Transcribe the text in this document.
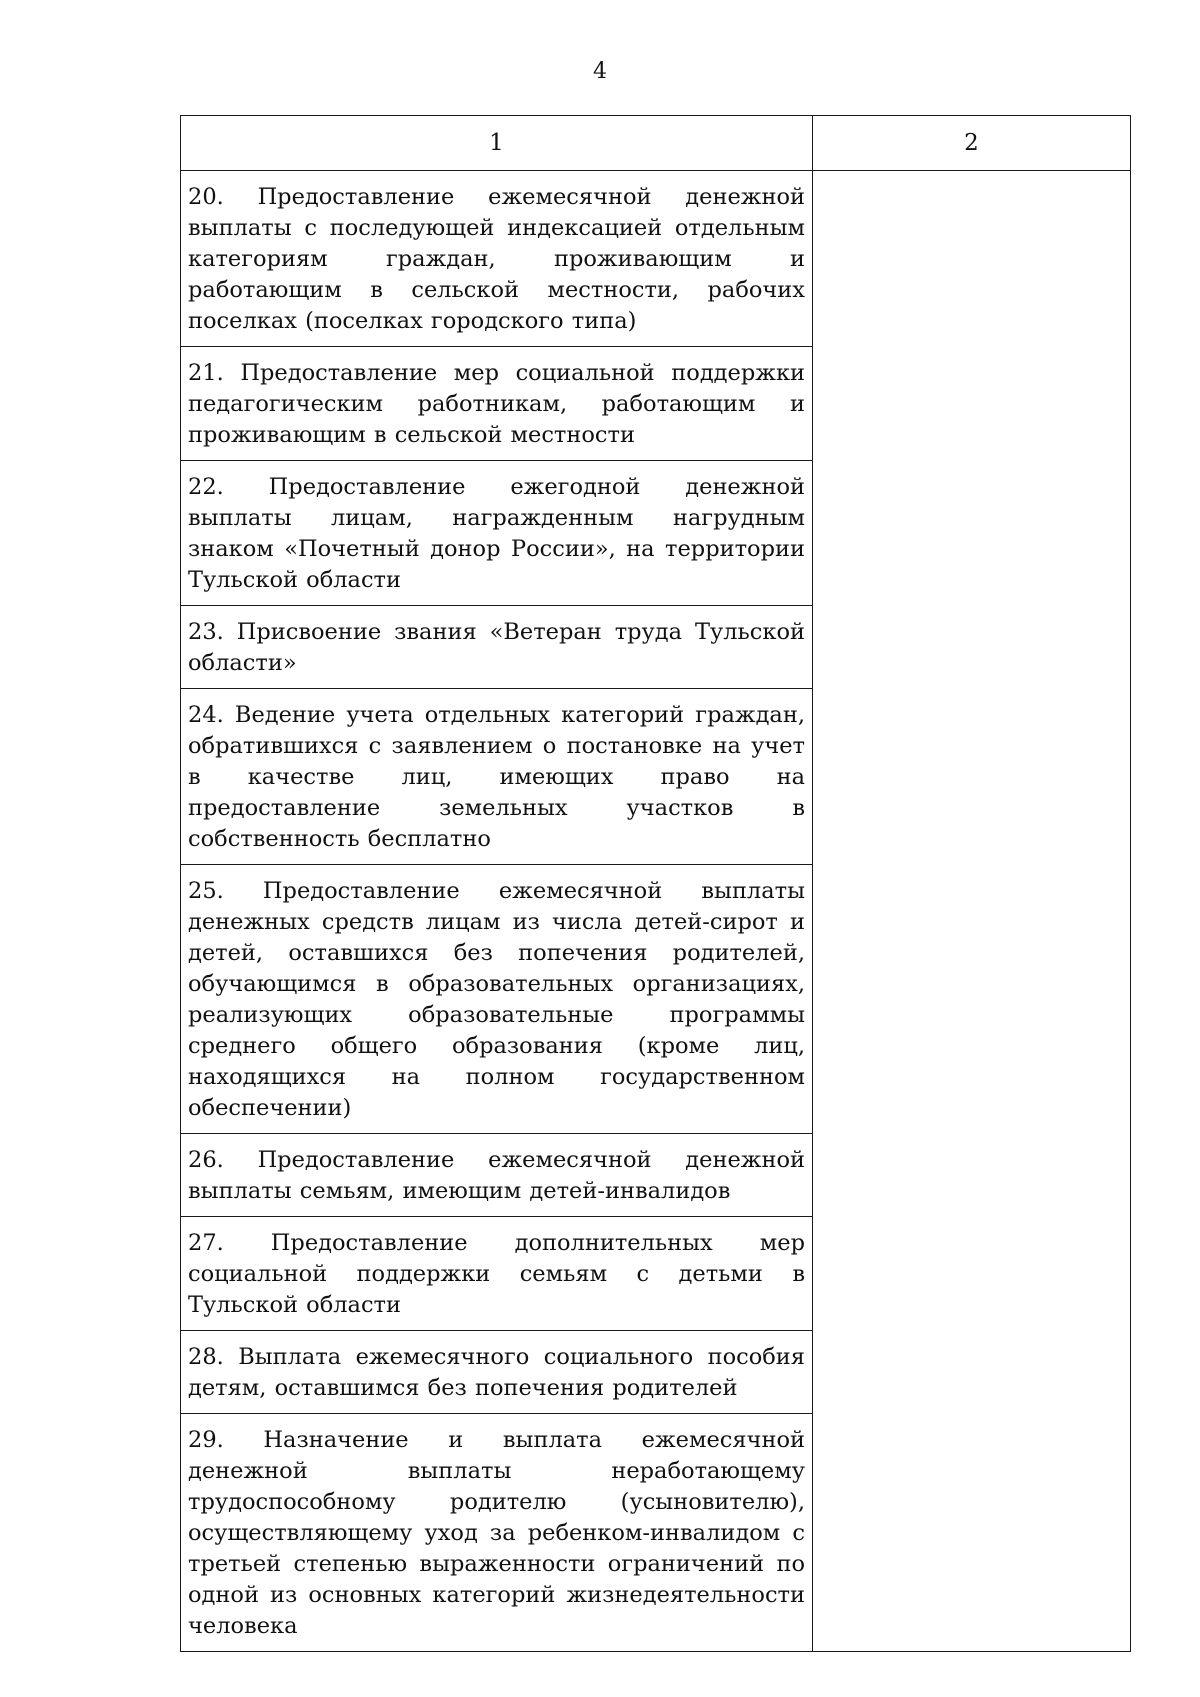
4
1	2
20. Предоставление ежемесячной денежной выплаты с последующей индексацией отдельным категориям граждан, проживающим и работающим в сельской местности, рабочих поселках (поселках городского типа)	
21. Предоставление мер социальной поддержки педагогическим работникам, работающим и проживающим в сельской местности	
22. Предоставление ежегодной денежной выплаты лицам, награжденным нагрудным знаком «Почетный донор России», на территории Тульской области	
23. Присвоение звания «Ветеран труда Тульской области»	
24. Ведение учета отдельных категорий граждан, обратившихся с заявлением о постановке на учет в качестве лиц, имеющих право на предоставление земельных участков в собственность бесплатно	
25. Предоставление ежемесячной выплаты денежных средств лицам из числа детей-сирот и детей, оставшихся без попечения родителей, обучающимся в образовательных организациях, реализующих образовательные программы среднего общего образования (кроме лиц, находящихся на полном государственном обеспечении)	
26. Предоставление ежемесячной денежной выплаты семьям, имеющим детей-инвалидов	
27. Предоставление дополнительных мер социальной поддержки семьям с детьми в Тульской области	
28. Выплата ежемесячного социального пособия детям, оставшимся без попечения родителей	
29. Назначение и выплата ежемесячной денежной выплаты неработающему трудоспособному родителю (усыновителю), осуществляющему уход за ребенком-инвалидом с третьей степенью выраженности ограничений по одной из основных категорий жизнедеятельности человека	
